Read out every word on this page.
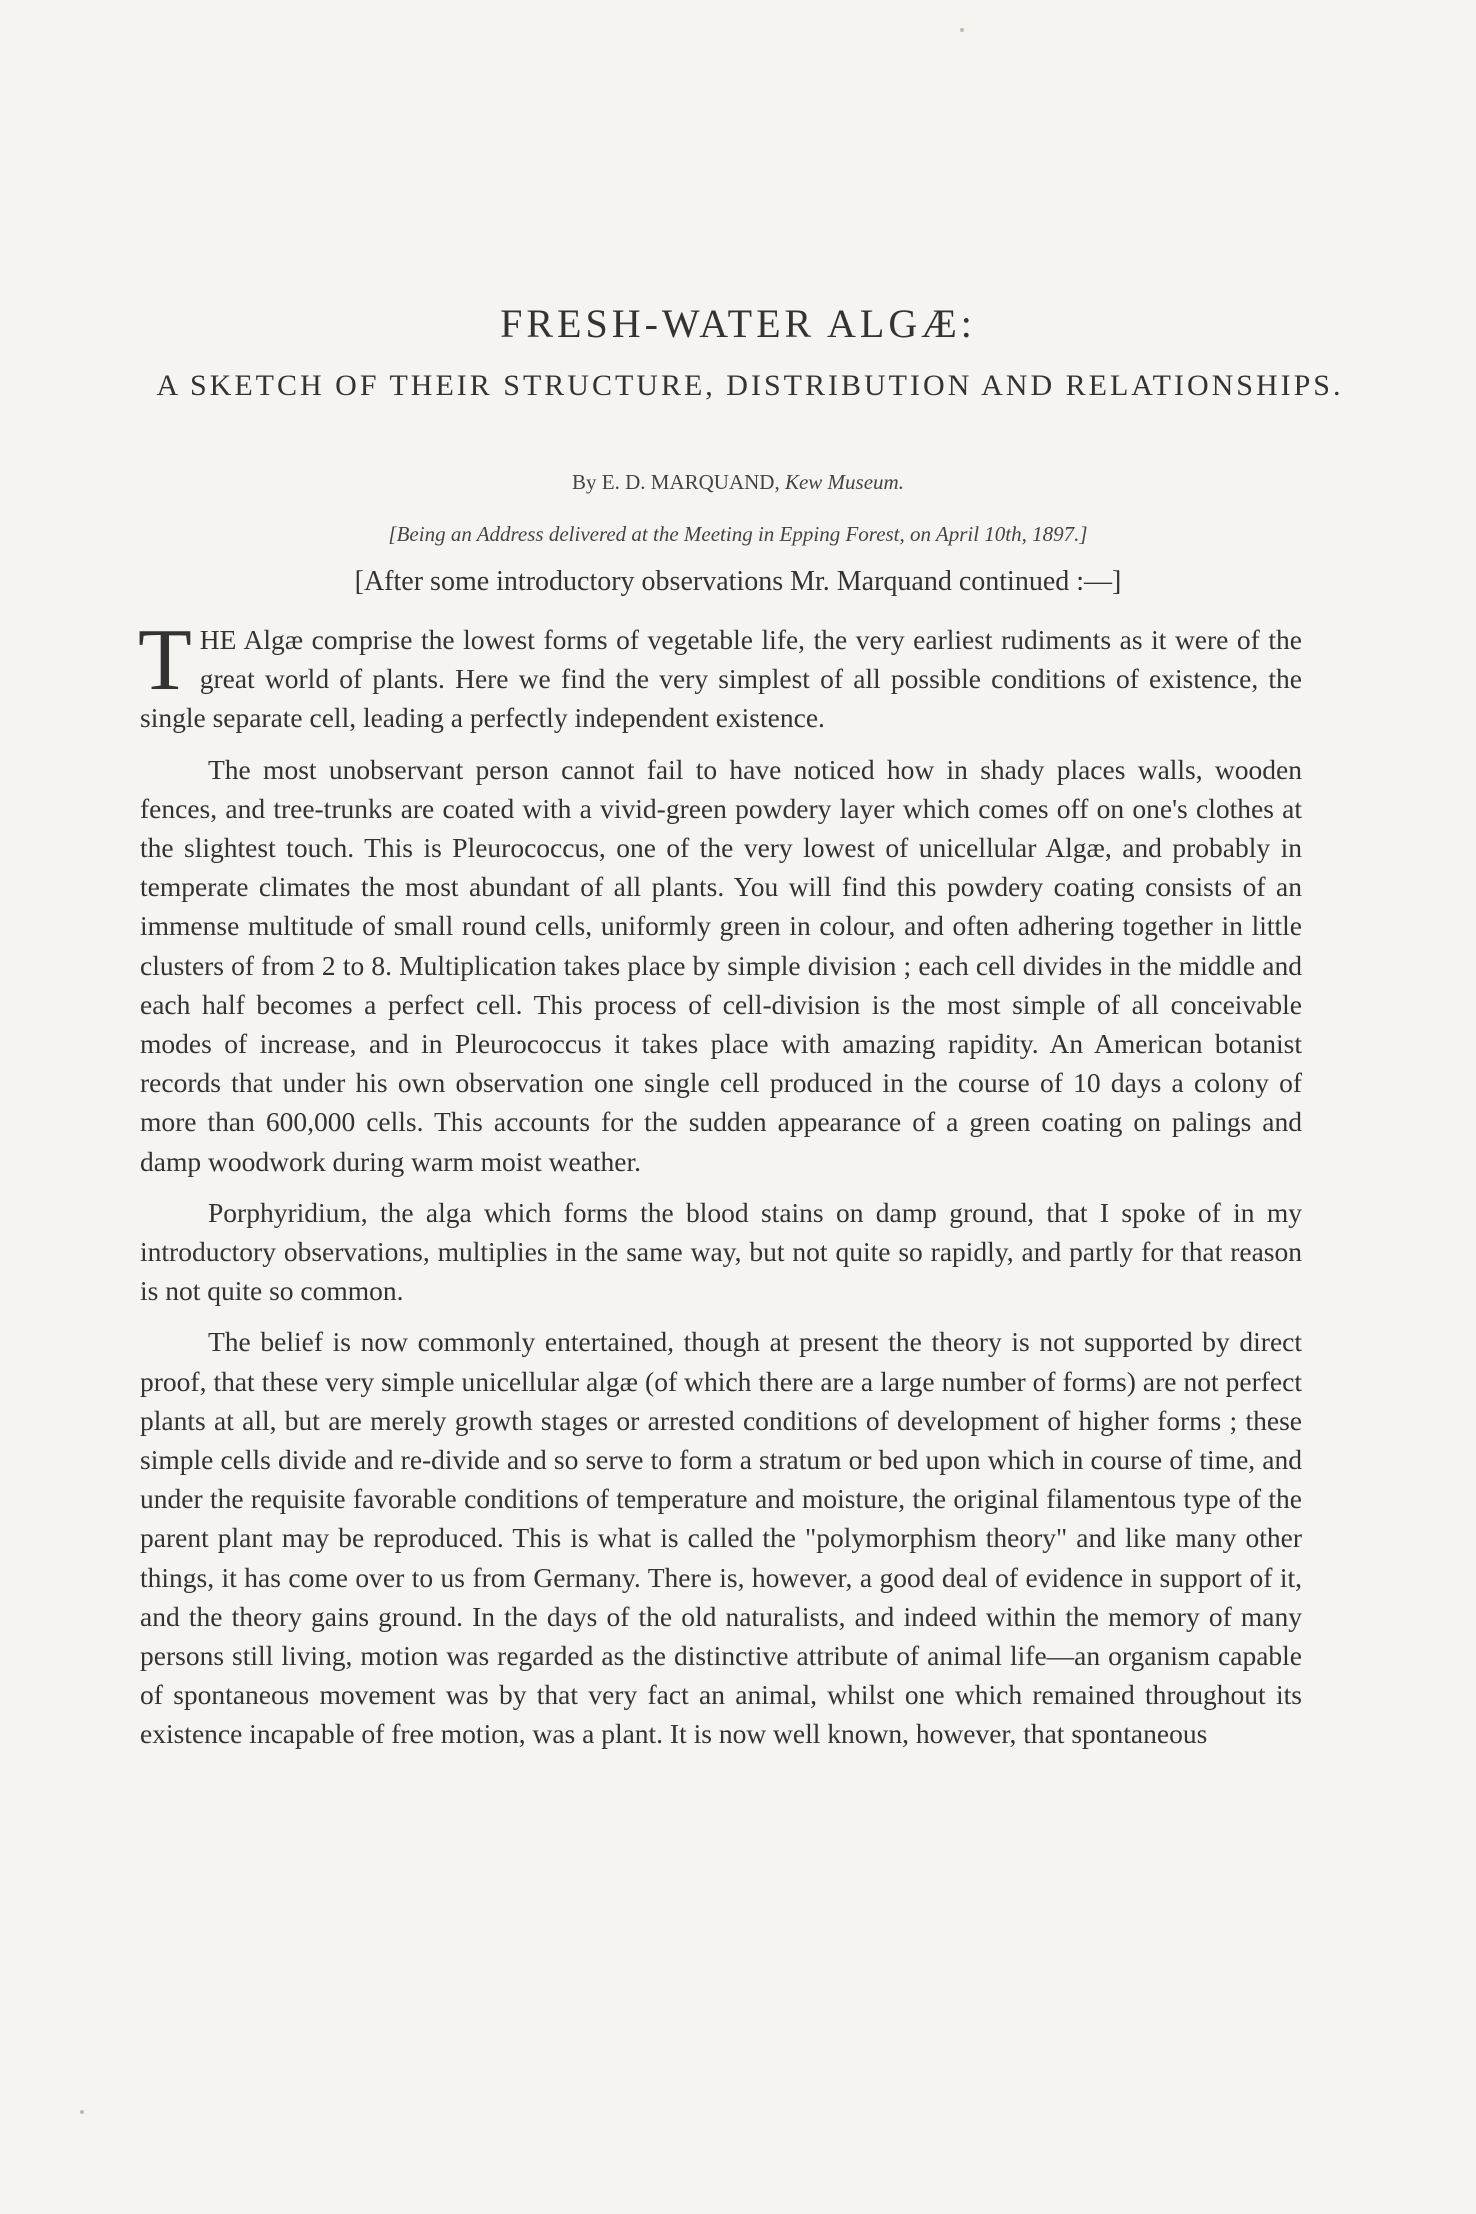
FRESH-WATER ALGÆ:
A SKETCH OF THEIR STRUCTURE, DISTRIBUTION AND RELATIONSHIPS.
By E. D. MARQUAND, Kew Museum.
[Being an Address delivered at the Meeting in Epping Forest, on April 10th, 1897.]
[After some introductory observations Mr. Marquand continued :—]

T HE Algæ comprise the lowest forms of vegetable life, the very earliest rudiments as it were of the great world of plants. Here we find the very simplest of all possible conditions of existence, the single separate cell, leading a perfectly independent existence.

The most unobservant person cannot fail to have noticed how in shady places walls, wooden fences, and tree-trunks are coated with a vivid-green powdery layer which comes off on one's clothes at the slightest touch. This is Pleurococcus, one of the very lowest of unicellular Algæ, and probably in temperate climates the most abundant of all plants. You will find this powdery coating consists of an immense multitude of small round cells, uniformly green in colour, and often adhering together in little clusters of from 2 to 8. Multiplication takes place by simple division ; each cell divides in the middle and each half becomes a perfect cell. This process of cell-division is the most simple of all conceivable modes of increase, and in Pleurococcus it takes place with amazing rapidity. An American botanist records that under his own observation one single cell produced in the course of 10 days a colony of more than 600,000 cells. This accounts for the sudden appearance of a green coating on palings and damp woodwork during warm moist weather.

Porphyridium, the alga which forms the blood stains on damp ground, that I spoke of in my introductory observations, multiplies in the same way, but not quite so rapidly, and partly for that reason is not quite so common.

The belief is now commonly entertained, though at present the theory is not supported by direct proof, that these very simple unicellular algæ (of which there are a large number of forms) are not perfect plants at all, but are merely growth stages or arrested conditions of development of higher forms ; these simple cells divide and re-divide and so serve to form a stratum or bed upon which in course of time, and under the requisite favorable conditions of temperature and moisture, the original filamentous type of the parent plant may be reproduced. This is what is called the "polymorphism theory" and like many other things, it has come over to us from Germany. There is, however, a good deal of evidence in support of it, and the theory gains ground. In the days of the old naturalists, and indeed within the memory of many persons still living, motion was regarded as the distinctive attribute of animal life—an organism capable of spontaneous movement was by that very fact an animal, whilst one which remained throughout its existence incapable of free motion, was a plant. It is now well known, however, that spontaneous
